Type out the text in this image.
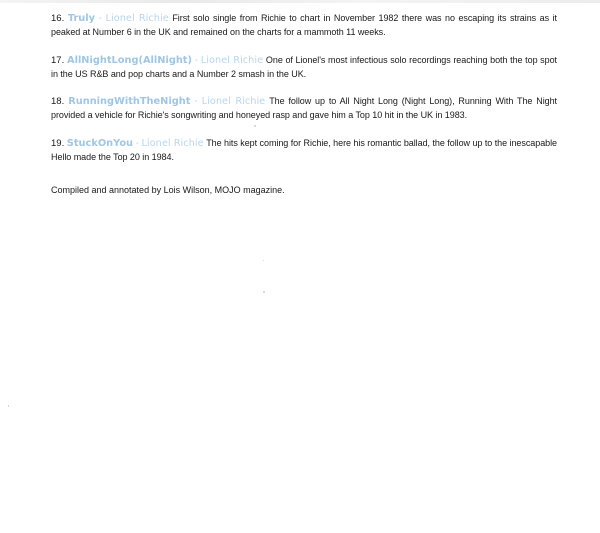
16. Truly - Lionel Richie First solo single from Richie to chart in November 1982 there was no escaping its strains as it peaked at Number 6 in the UK and remained on the charts for a mammoth 11 weeks.
17. AllNightLong(AllNight) - Lionel Richie One of Lionel's most infectious solo recordings reaching both the top spot in the US R&B and pop charts and a Number 2 smash in the UK.
18. RunningWithTheNight - Lionel Richie The follow up to All Night Long (Night Long), Running With The Night provided a vehicle for Richie's songwriting and honeyed rasp and gave him a Top 10 hit in the UK in 1983.
19. StuckOnYou - Lionel Richie The hits kept coming for Richie, here his romantic ballad, the follow up to the inescapable Hello made the Top 20 in 1984.
Compiled and annotated by Lois Wilson, MOJO magazine.
